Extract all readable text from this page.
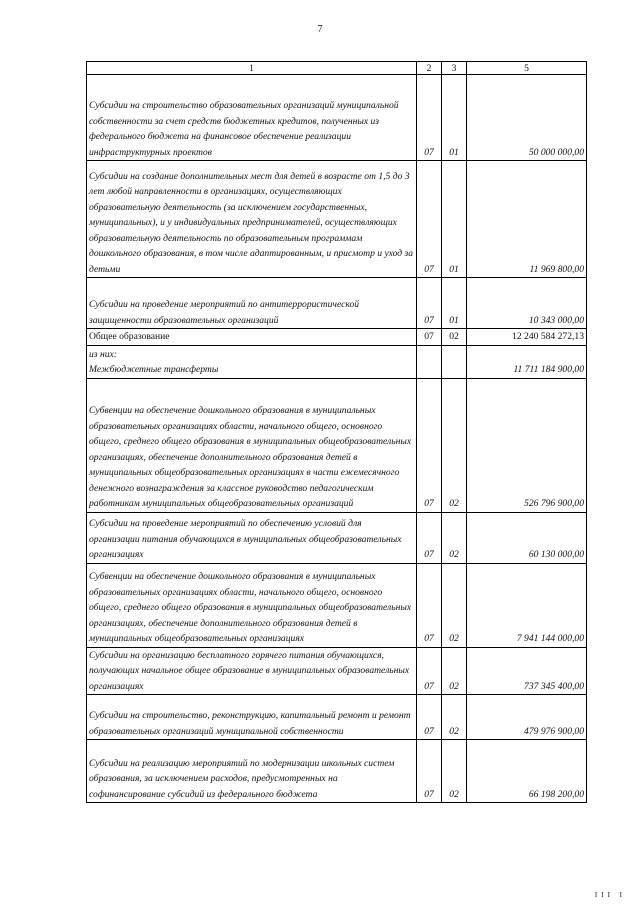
7
1	2	3	5
Субсидии на строительство образовательных организаций муниципальной собственности за счет средств бюджетных кредитов, полученных из федерального бюджета на финансовое обеспечение реализации инфраструктурных проектов	07	01	50 000 000,00
Субсидии на создание дополнительных мест для детей в возрасте от 1,5 до 3 лет любой направленности в организациях, осуществляющих образовательную деятельность (за исключением государственных, муниципальных), и у индивидуальных предпринимателей, осуществляющих образовательную деятельность по образовательным программам дошкольного образования, в том числе адаптированным, и присмотр и уход за детьми	07	01	11 969 800,00
Субсидии на проведение мероприятий по антитеррористической защищенности образовательных организаций	07	01	10 343 000,00
Общее образование	07	02	12 240 584 272,13
из них:
Межбюджетные трансферты			11 711 184 900,00
Субвенции на обеспечение дошкольного образования в муниципальных образовательных организациях области, начального общего, основного общего, среднего общего образования в муниципальных общеобразовательных организациях, обеспечение дополнительного образования детей в муниципальных общеобразовательных организациях в части ежемесячного денежного вознаграждения за классное руководство педагогическим работникам муниципальных общеобразовательных организаций	07	02	526 796 900,00
Субсидии на проведение мероприятий по обеспечению условий для организации питания обучающихся в муниципальных общеобразовательных организациях	07	02	60 130 000,00
Субвенции на обеспечение дошкольного образования в муниципальных образовательных организациях области, начального общего, основного общего, среднего общего образования в муниципальных общеобразовательных организациях, обеспечение дополнительного образования детей в муниципальных общеобразовательных организациях	07	02	7 941 144 000,00
Субсидии на организацию бесплатного горячего питания обучающихся, получающих начальное общее образование в муниципальных образовательных организациях	07	02	737 345 400,00
Субсидии на строительство, реконструкцию, капитальный ремонт и ремонт образовательных организаций муниципальной собственности	07	02	479 976 900,00
Субсидии на реализацию мероприятий по модернизации школьных систем образования, за исключением расходов, предусмотренных на софинансирование субсидий из федерального бюджета	07	02	66 198 200,00
III I
